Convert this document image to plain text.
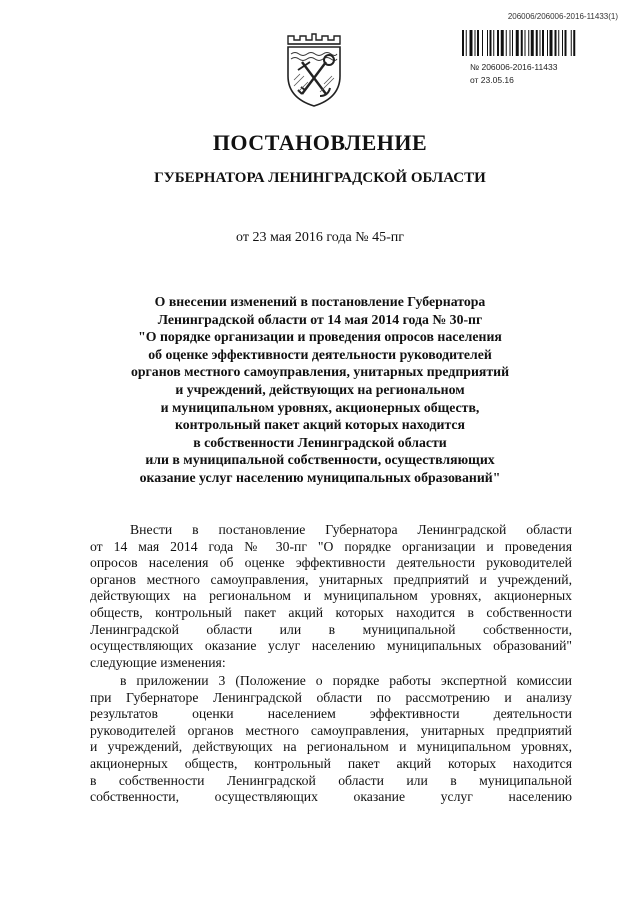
206006/206006-2016-11433(1)
№ 206006-2016-11433
от 23.05.16
ПОСТАНОВЛЕНИЕ
ГУБЕРНАТОРА ЛЕНИНГРАДСКОЙ ОБЛАСТИ
от 23 мая 2016 года № 45-пг
О внесении изменений в постановление Губернатора
Ленинградской области от 14 мая 2014 года № 30-пг
"О порядке организации и проведения опросов населения
об оценке эффективности деятельности руководителей
органов местного самоуправления, унитарных предприятий
и учреждений, действующих на региональном
и муниципальном уровнях, акционерных обществ,
контрольный пакет акций которых находится
в собственности Ленинградской области
или в муниципальной собственности, осуществляющих
оказание услуг населению муниципальных образований"
Внести в постановление Губернатора Ленинградской области
от 14 мая 2014 года № 30-пг "О порядке организации и проведения
опросов населения об оценке эффективности деятельности руководителей
органов местного самоуправления, унитарных предприятий и учреждений,
действующих на региональном и муниципальном уровнях, акционерных
обществ, контрольный пакет акций которых находится в собственности
Ленинградской области или в муниципальной собственности,
осуществляющих оказание услуг населению муниципальных образований"
следующие изменения:
в приложении 3 (Положение о порядке работы экспертной комиссии
при Губернаторе Ленинградской области по рассмотрению и анализу
результатов оценки населением эффективности деятельности
руководителей органов местного самоуправления, унитарных предприятий
и учреждений, действующих на региональном и муниципальном уровнях,
акционерных обществ, контрольный пакет акций которых находится
в собственности Ленинградской области или в муниципальной
собственности, осуществляющих оказание услуг населению
